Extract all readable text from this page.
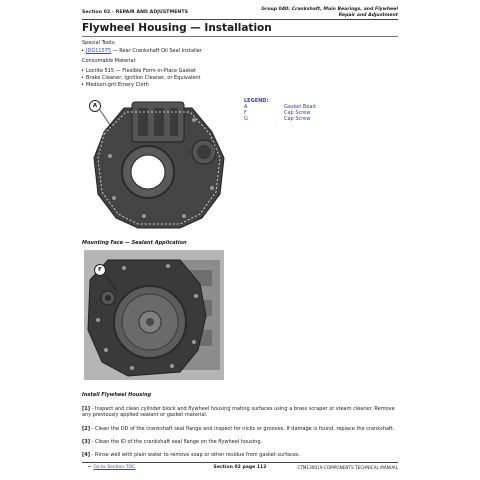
Section 02 - REPAIR AND ADJUSTMENTS
Group 040: Crankshaft, Main Bearings, and Flywheel Repair and Adjustment
Flywheel Housing — Installation
Special Tools:
• JDG11575 — Rear Crankshaft Oil Seal Installer
Consumable Material:
• Loctite 515 — Flexible Form-in-Place Gasket
• Brake Cleaner, Ignition Cleaner, or Equivalent
• Medium-grit Emery Cloth
LEGEND:
A	Gasket Bead
F	Cap Screw
G	Cap Screw
A
Mounting Face — Sealant Application
F
Install Flywheel Housing
[1] - Inspect and clean cylinder block and flywheel housing mating surfaces using a brass scraper or steam cleaner. Remove any previously applied sealant or gasket material.
[2] - Clean the OD of the crankshaft seal flange and inspect for nicks or grooves. If damage is found, replace the crankshaft.
[3] - Clean the ID of the crankshaft seal flange on the flywheel housing.
[4] - Rinse well with plain water to remove soap or other residue from gasket surfaces.
← Go to Section TOC	Section 02 page 112	CTM130019-COMPONENTS TECHNICAL MANUAL
